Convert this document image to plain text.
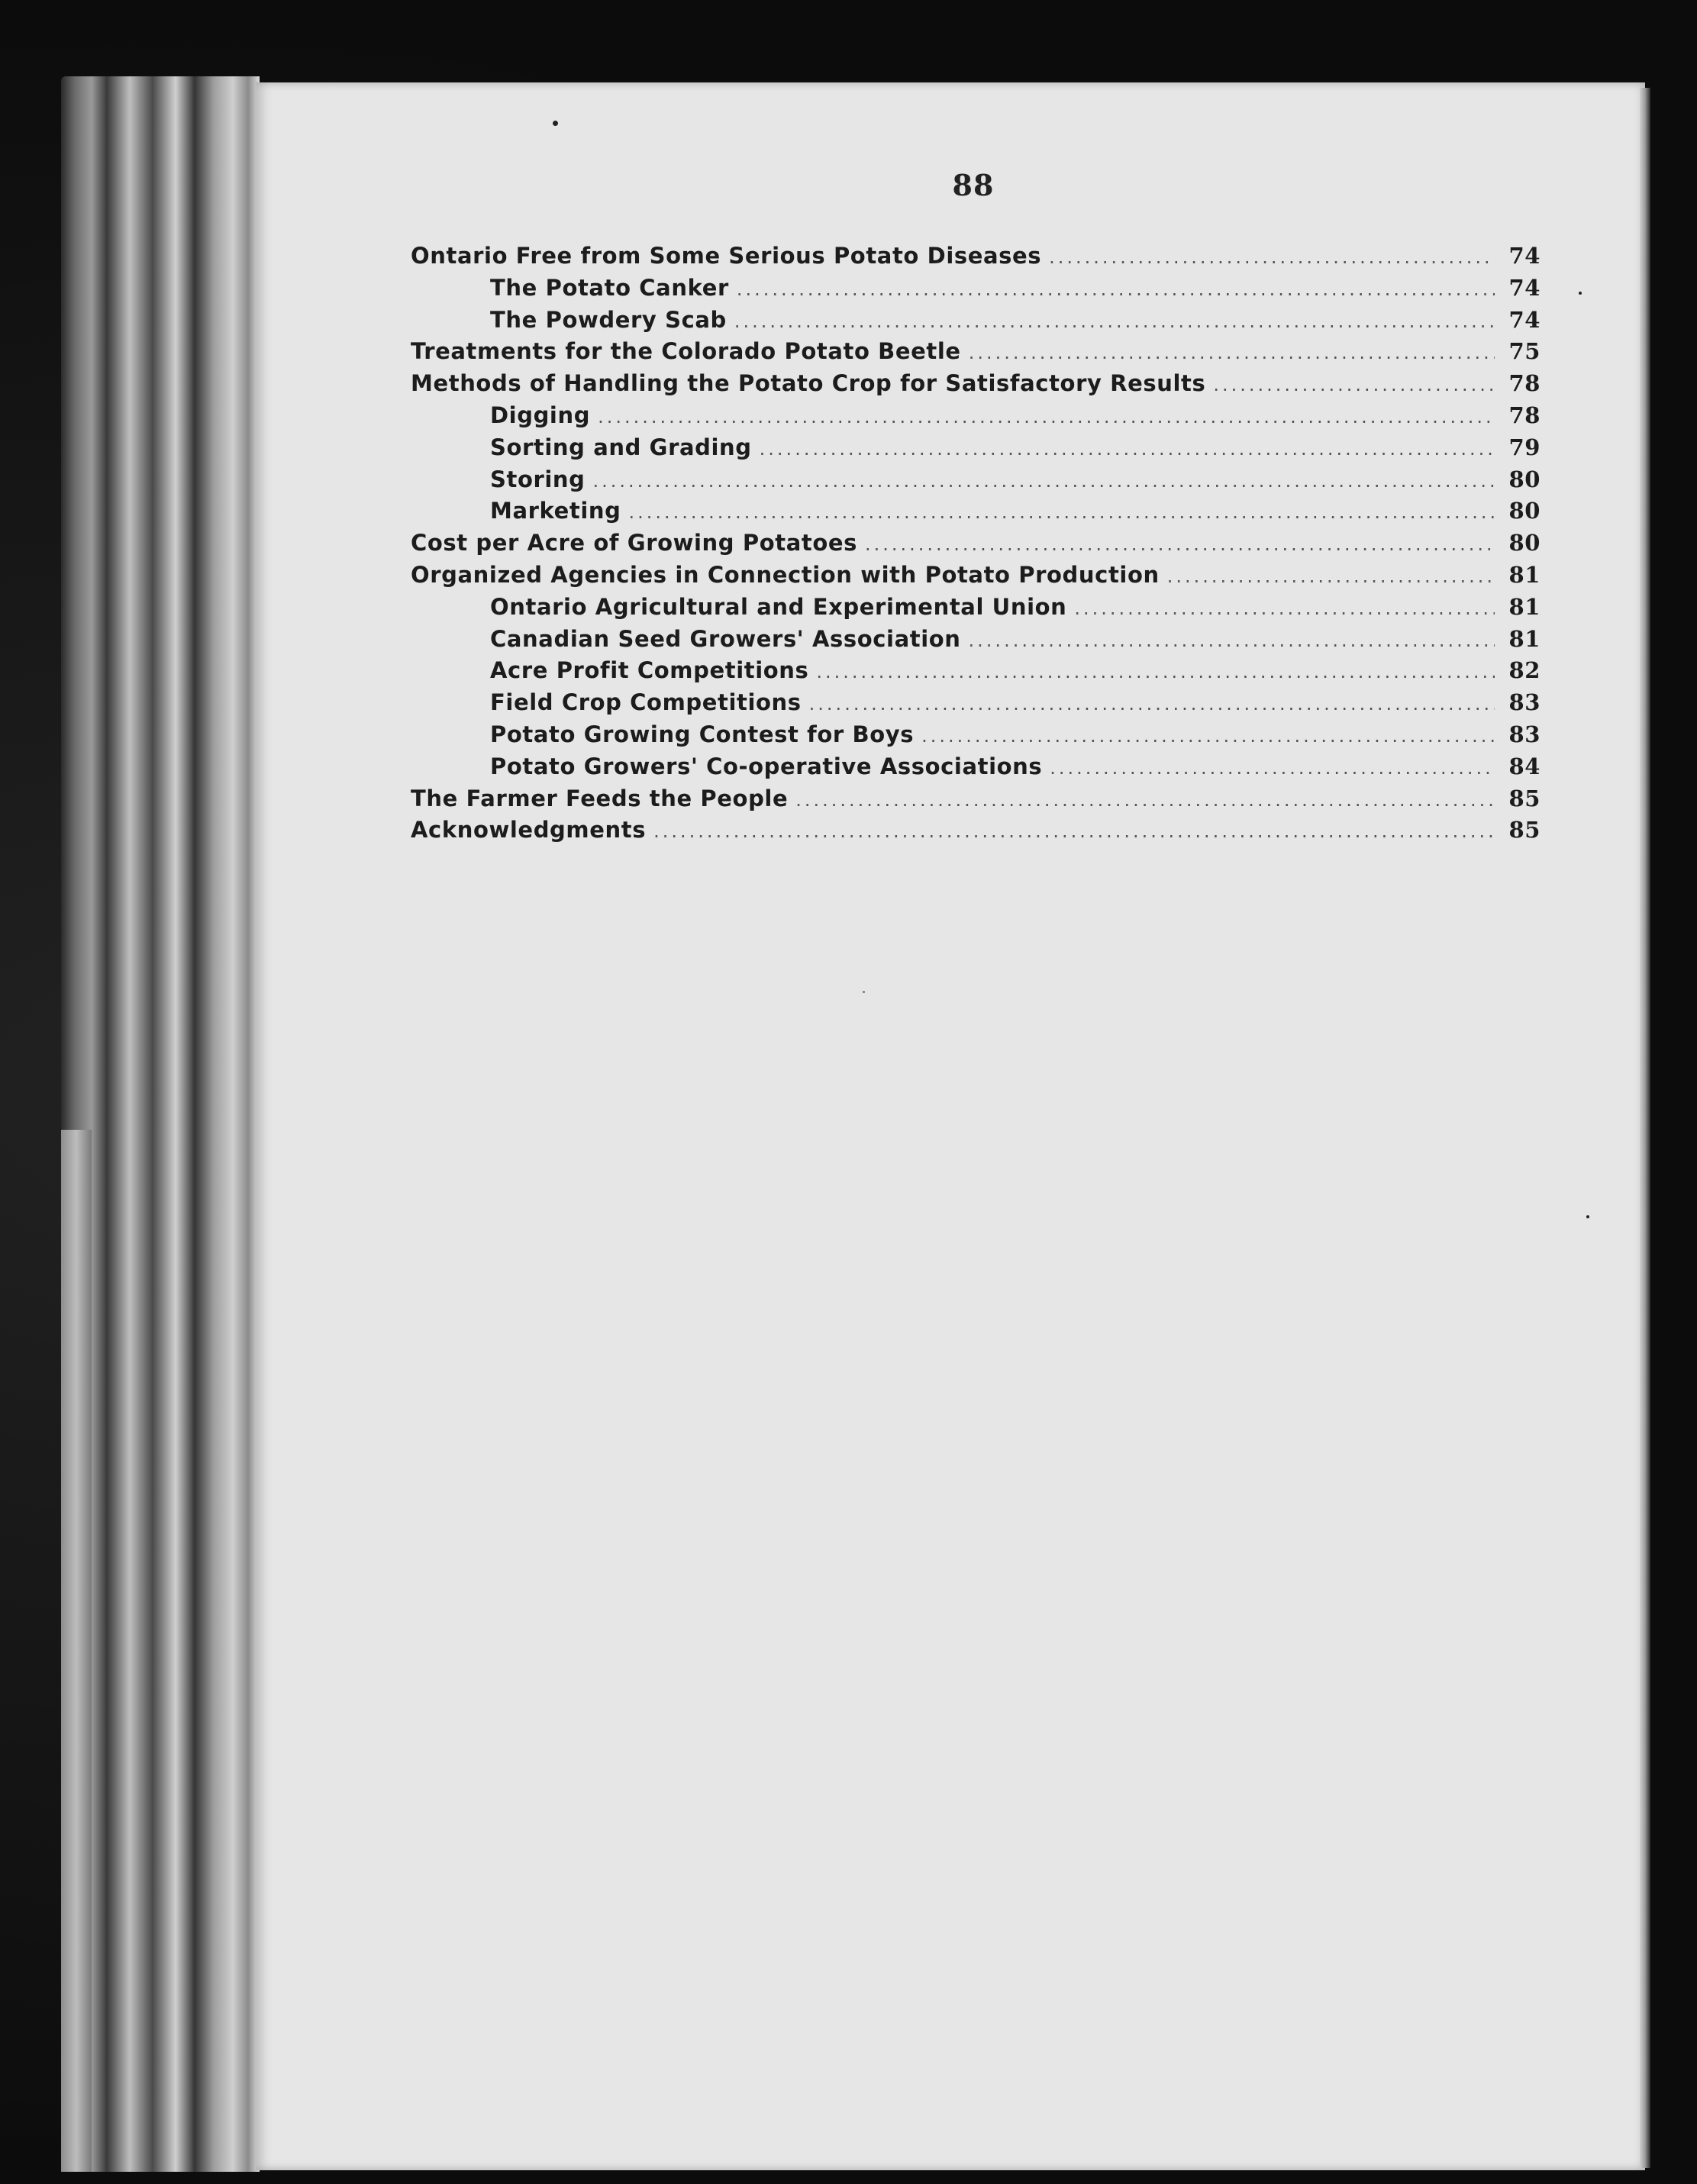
88
Ontario Free from Some Serious Potato Diseases .....	74
The Potato Canker .....	74
The Powdery Scab .....	74
Treatments for the Colorado Potato Beetle .....	75
Methods of Handling the Potato Crop for Satisfactory Results .....	78
Digging .....	78
Sorting and Grading .....	79
Storing .....	80
Marketing .....	80
Cost per Acre of Growing Potatoes .....	80
Organized Agencies in Connection with Potato Production .....	81
Ontario Agricultural and Experimental Union .....	81
Canadian Seed Growers' Association .....	81
Acre Profit Competitions .....	82
Field Crop Competitions .....	83
Potato Growing Contest for Boys .....	83
Potato Growers' Co-operative Associations .....	84
The Farmer Feeds the People .....	85
Acknowledgments .....	85
